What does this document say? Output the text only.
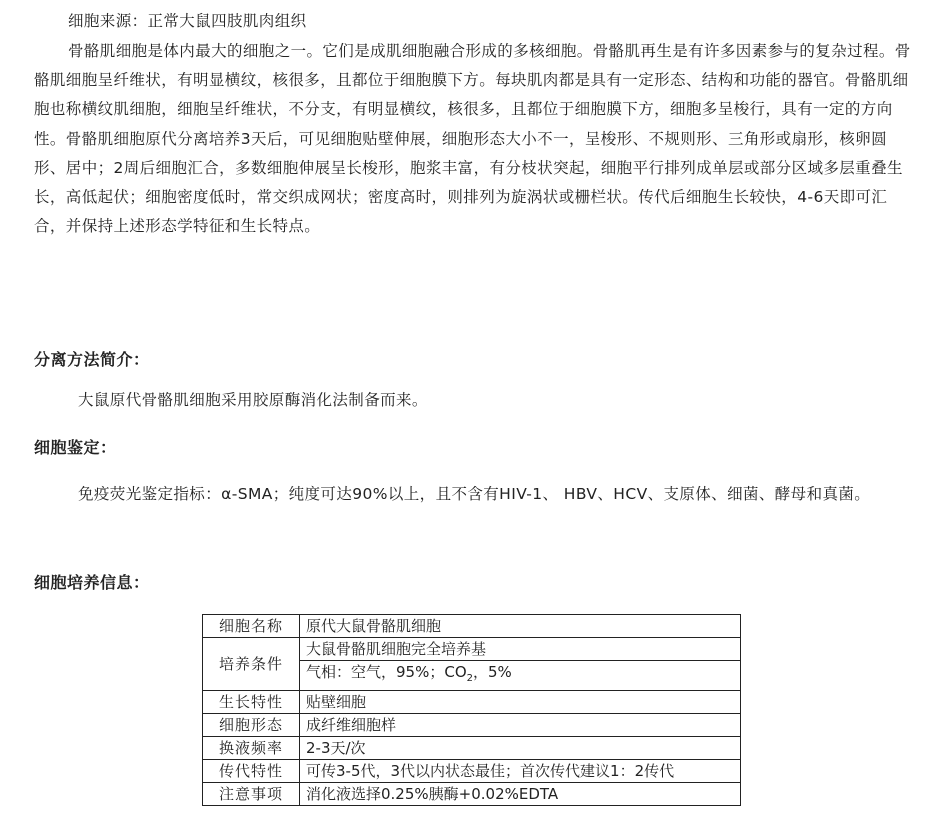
细胞来源：正常大鼠四肢肌肉组织

骨骼肌细胞是体内最大的细胞之一。它们是成肌细胞融合形成的多核细胞。骨骼肌再生是有许多因素参与的复杂过程。骨骼肌细胞呈纤维状，有明显横纹，核很多，且都位于细胞膜下方。每块肌肉都是具有一定形态、结构和功能的器官。骨骼肌细胞也称横纹肌细胞，细胞呈纤维状，不分支，有明显横纹，核很多，且都位于细胞膜下方，细胞多呈梭行，具有一定的方向性。骨骼肌细胞原代分离培养3天后，可见细胞贴壁伸展，细胞形态大小不一，呈梭形、不规则形、三角形或扇形，核卵圆形、居中；2周后细胞汇合，多数细胞伸展呈长梭形，胞浆丰富，有分枝状突起，细胞平行排列成单层或部分区域多层重叠生长，高低起伏；细胞密度低时，常交织成网状；密度高时，则排列为旋涡状或栅栏状。传代后细胞生长较快，4-6天即可汇合，并保持上述形态学特征和生长特点。

分离方法简介：

大鼠原代骨骼肌细胞采用胶原酶消化法制备而来。

细胞鉴定：

免疫荧光鉴定指标：α-SMA；纯度可达90%以上，且不含有HIV-1、 HBV、HCV、支原体、细菌、酵母和真菌。

细胞培养信息：
细胞名称	原代大鼠骨骼肌细胞
培养条件	大鼠骨骼肌细胞完全培养基
	气相：空气，95%；$CO_2$，5%
生长特性	贴壁细胞
细胞形态	成纤维细胞样
换液频率	2-3天/次
传代特性	可传3-5代，3代以内状态最佳；首次传代建议1：2传代
注意事项	消化液选择0.25%胰酶+0.02%EDTA
